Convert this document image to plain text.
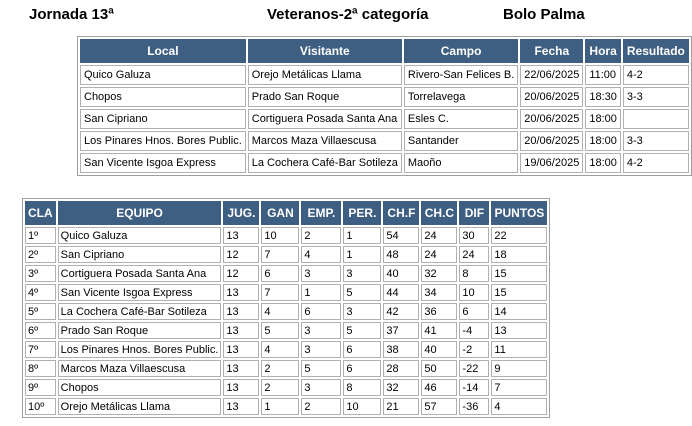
Jornada 13ª	Veteranos-2ª categoría	Bolo Palma
Local	Visitante	Campo	Fecha	Hora	Resultado
Quico Galuza	Orejo Metálicas Llama	Rivero-San Felices B.	22/06/2025	11:00	4-2
Chopos	Prado San Roque	Torrelavega	20/06/2025	18:30	3-3
San Cipriano	Cortiguera Posada Santa Ana	Esles C.	20/06/2025	18:00	
Los Pinares Hnos. Bores Public.	Marcos Maza Villaescusa	Santander	20/06/2025	18:00	3-3
San Vicente Isgoa Express	La Cochera Café-Bar Sotileza	Maoño	19/06/2025	18:00	4-2
CLA	EQUIPO	JUG.	GAN	EMP.	PER.	CH.F	CH.C	DIF	PUNTOS
1º	Quico Galuza	13	10	2	1	54	24	30	22
2º	San Cipriano	12	7	4	1	48	24	24	18
3º	Cortiguera Posada Santa Ana	12	6	3	3	40	32	8	15
4º	San Vicente Isgoa Express	13	7	1	5	44	34	10	15
5º	La Cochera Café-Bar Sotileza	13	4	6	3	42	36	6	14
6º	Prado San Roque	13	5	3	5	37	41	-4	13
7º	Los Pinares Hnos. Bores Public.	13	4	3	6	38	40	-2	11
8º	Marcos Maza Villaescusa	13	2	5	6	28	50	-22	9
9º	Chopos	13	2	3	8	32	46	-14	7
10º	Orejo Metálicas Llama	13	1	2	10	21	57	-36	4
